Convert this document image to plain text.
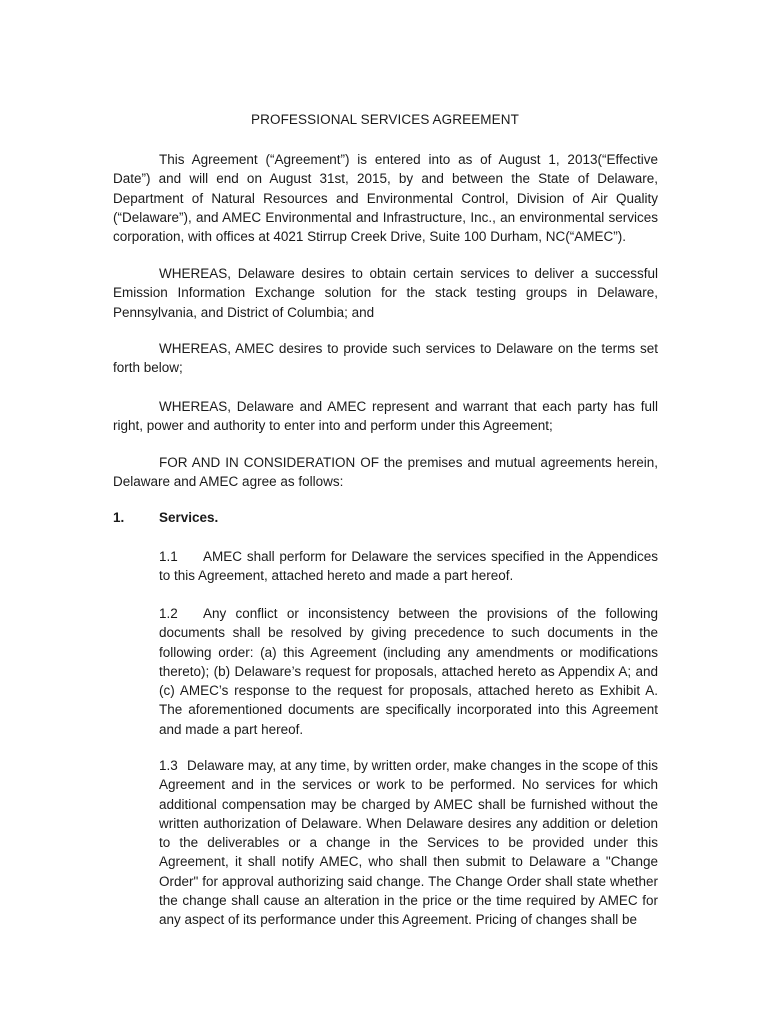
PROFESSIONAL SERVICES AGREEMENT
This Agreement (“Agreement”) is entered into as of August 1, 2013(“Effective Date”) and will end on August 31st, 2015, by and between the State of Delaware, Department of Natural Resources and Environmental Control, Division of Air Quality (“Delaware”), and AMEC Environmental and Infrastructure, Inc., an environmental services corporation, with offices at 4021 Stirrup Creek Drive, Suite 100 Durham, NC(“AMEC”).
WHEREAS, Delaware desires to obtain certain services to deliver a successful Emission Information Exchange solution for the stack testing groups in Delaware, Pennsylvania, and District of Columbia; and
WHEREAS, AMEC desires to provide such services to Delaware on the terms set forth below;
WHEREAS, Delaware and AMEC represent and warrant that each party has full right, power and authority to enter into and perform under this Agreement;
FOR AND IN CONSIDERATION OF the premises and mutual agreements herein, Delaware and AMEC agree as follows:
1.	Services.
1.1 AMEC shall perform for Delaware the services specified in the Appendices to this Agreement, attached hereto and made a part hereof.
1.2 Any conflict or inconsistency between the provisions of the following documents shall be resolved by giving precedence to such documents in the following order: (a) this Agreement (including any amendments or modifications thereto); (b) Delaware’s request for proposals, attached hereto as Appendix A; and (c) AMEC’s response to the request for proposals, attached hereto as Exhibit A. The aforementioned documents are specifically incorporated into this Agreement and made a part hereof.
1.3 Delaware may, at any time, by written order, make changes in the scope of this Agreement and in the services or work to be performed. No services for which additional compensation may be charged by AMEC shall be furnished without the written authorization of Delaware. When Delaware desires any addition or deletion to the deliverables or a change in the Services to be provided under this Agreement, it shall notify AMEC, who shall then submit to Delaware a "Change Order" for approval authorizing said change. The Change Order shall state whether the change shall cause an alteration in the price or the time required by AMEC for any aspect of its performance under this Agreement. Pricing of changes shall be
